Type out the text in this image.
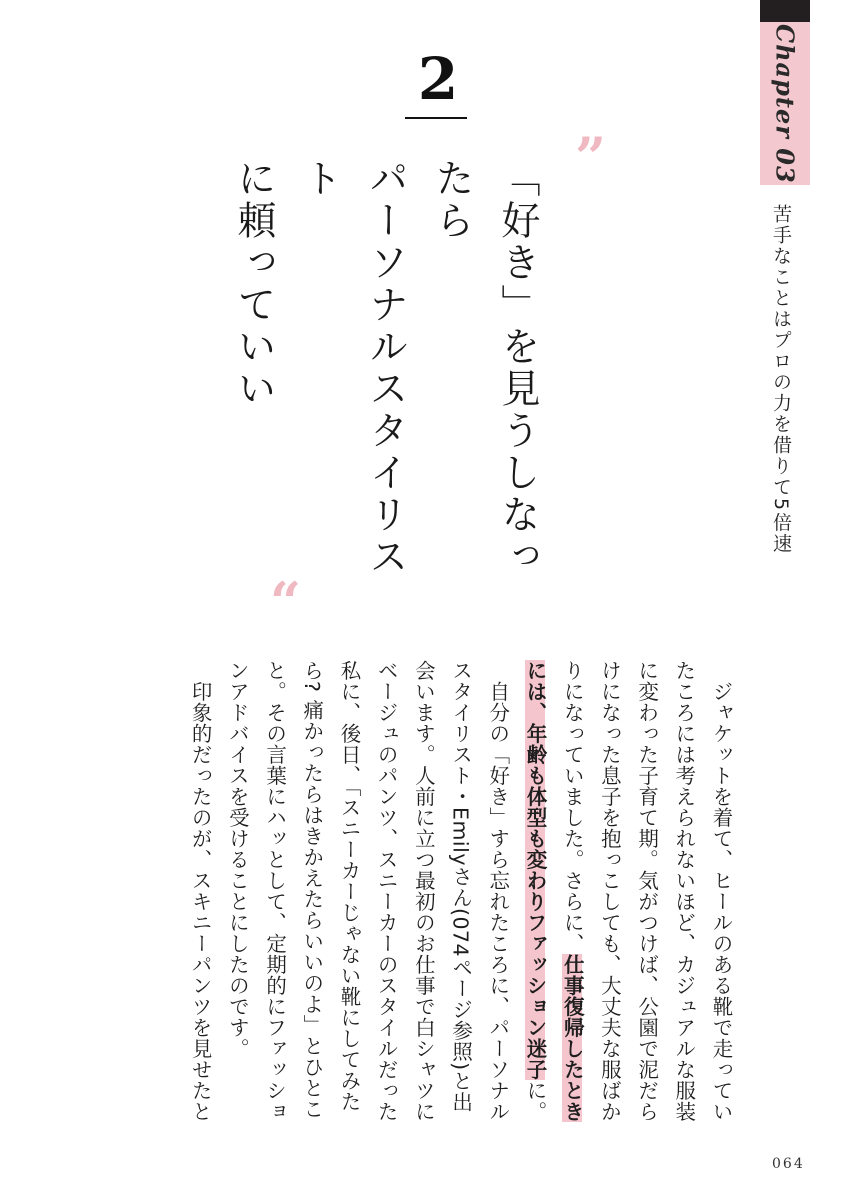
Chapter 03
苦手なことはプロの力を借りて5倍速
2
”
“

「好き」を見うしなったら

パーソナルスタイリスト

に頼っていい

ジャケットを着て、ヒールのある靴で走っていたころには考えられないほど、カジュアルな服装に変わった子育て期。気がつけば、公園で泥だらけになった息子を抱っこしても、大丈夫な服ばかりになっていました。さらに、仕事復帰したときには、年齢も体型も変わりファッション迷子に。

自分の「好き」すら忘れたころに、パーソナルスタイリスト・Emilyさん(074ページ参照)と出会います。人前に立つ最初のお仕事で白シャツにベージュのパンツ、スニーカーのスタイルだった私に、後日、「スニーカーじゃない靴にしてみたら? 痛かったらはきかえたらいいのよ」とひとこと。その言葉にハッとして、定期的にファッションアドバイスを受けることにしたのです。

印象的だったのが、スキニーパンツを見せたと

064
